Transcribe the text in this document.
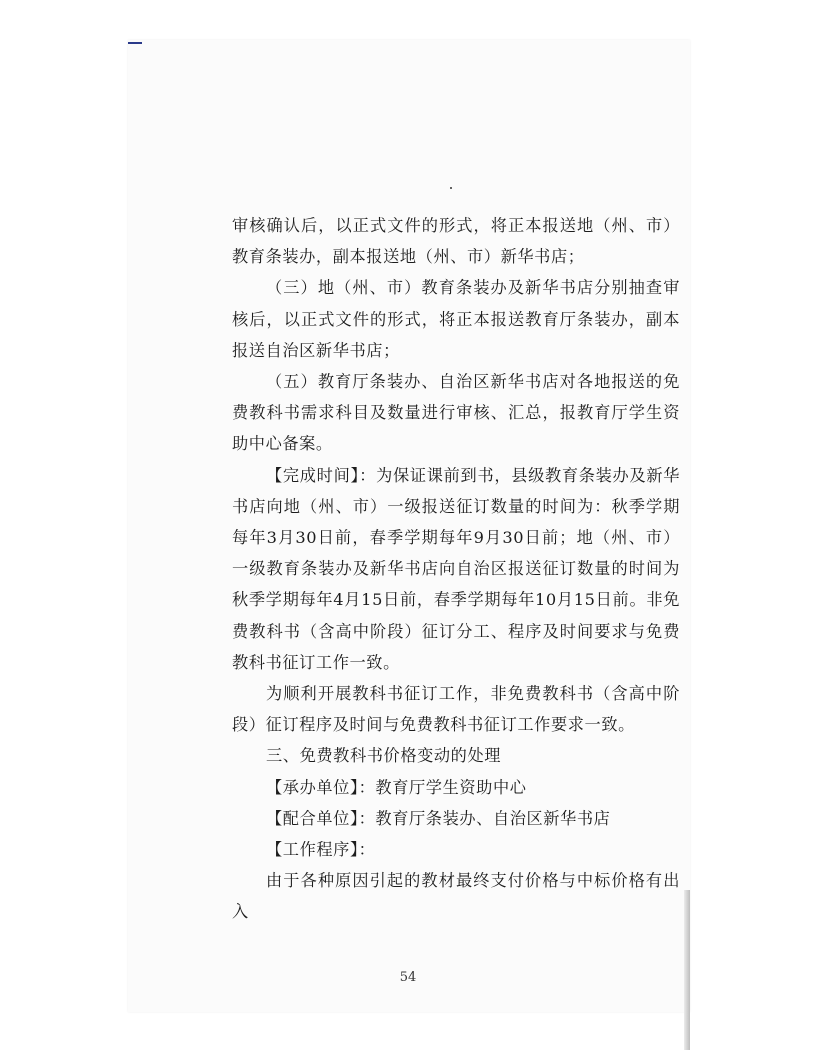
审核确认后，以正式文件的形式，将正本报送地（州、市）教育条装办，副本报送地（州、市）新华书店；

（三）地（州、市）教育条装办及新华书店分别抽查审核后，以正式文件的形式，将正本报送教育厅条装办，副本报送自治区新华书店；

（五）教育厅条装办、自治区新华书店对各地报送的免费教科书需求科目及数量进行审核、汇总，报教育厅学生资助中心备案。

【完成时间】：为保证课前到书，县级教育条装办及新华书店向地（州、市）一级报送征订数量的时间为：秋季学期每年3月30日前，春季学期每年9月30日前；地（州、市）一级教育条装办及新华书店向自治区报送征订数量的时间为秋季学期每年4月15日前，春季学期每年10月15日前。非免费教科书（含高中阶段）征订分工、程序及时间要求与免费教科书征订工作一致。

为顺利开展教科书征订工作，非免费教科书（含高中阶段）征订程序及时间与免费教科书征订工作要求一致。

三、免费教科书价格变动的处理

【承办单位】：教育厅学生资助中心

【配合单位】：教育厅条装办、自治区新华书店

【工作程序】：

由于各种原因引起的教材最终支付价格与中标价格有出入

54
